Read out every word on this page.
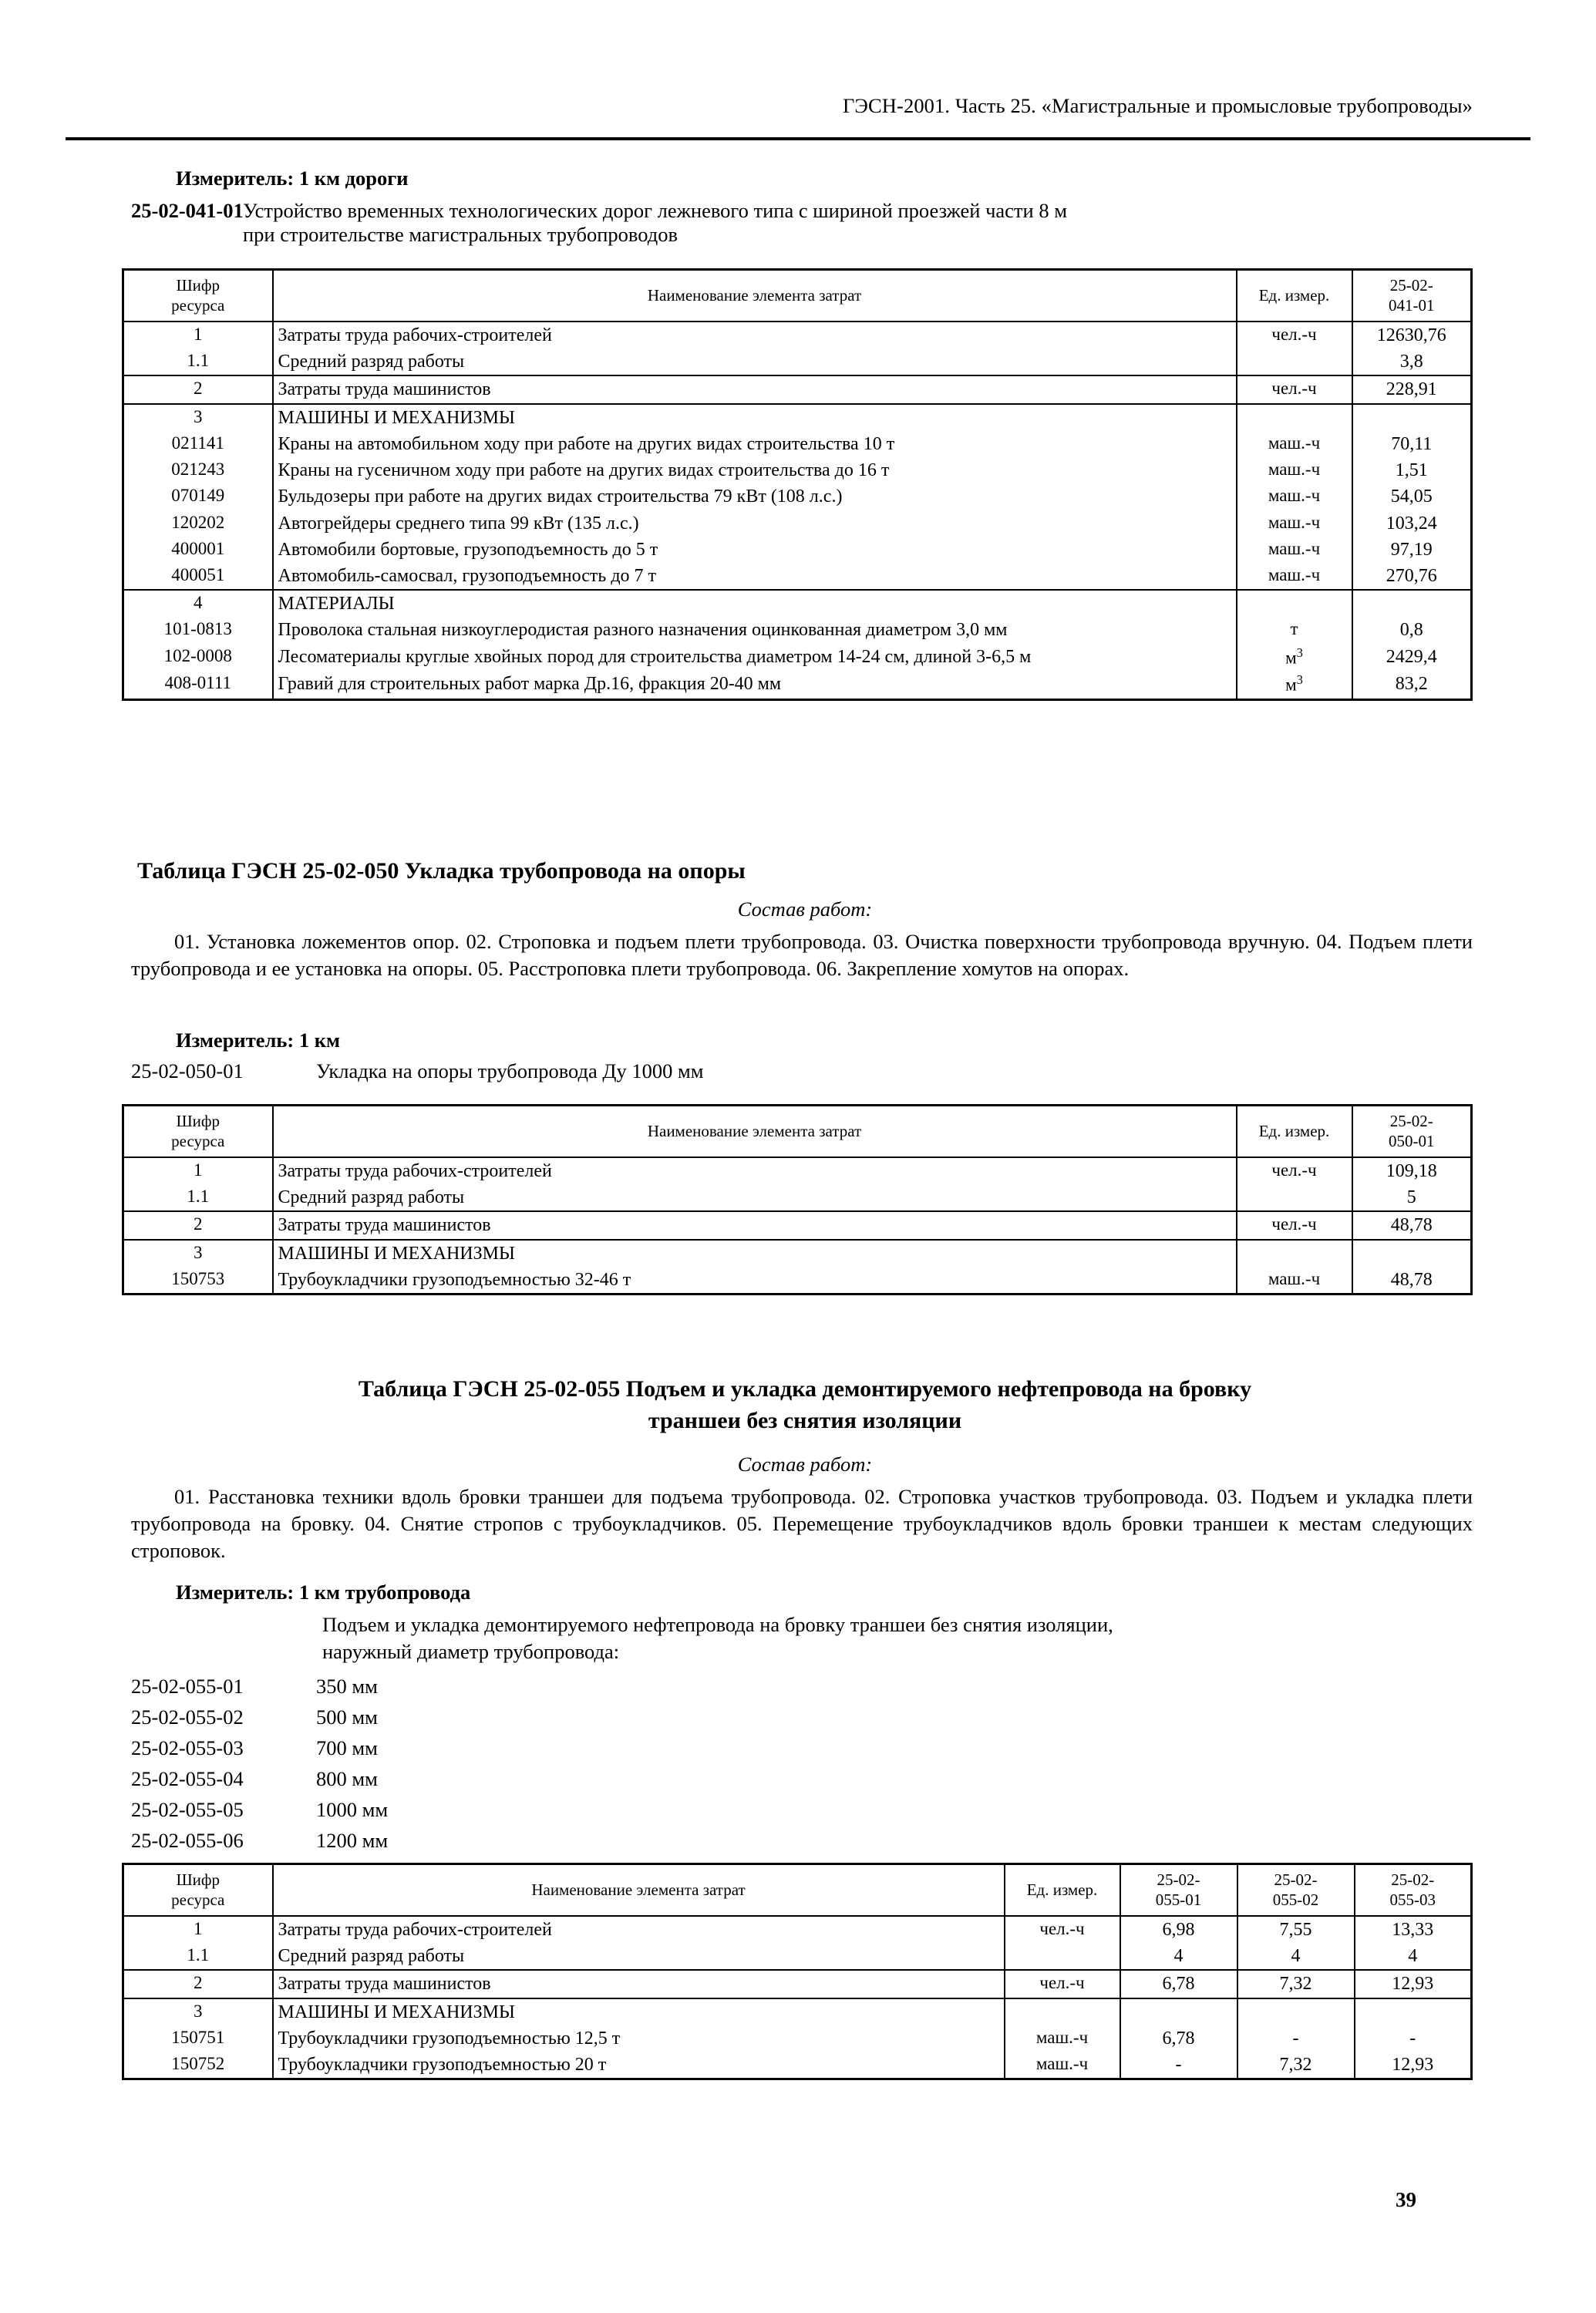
ГЭСН-2001. Часть 25. «Магистральные и промысловые трубопроводы»
Измеритель: 1 км дороги
25-02-041-01 Устройство временных технологических дорог лежневого типа с шириной проезжей части 8 м
при строительстве магистральных трубопроводов
Шифр
ресурса	Наименование элемента затрат	Ед. измер.	25-02-
041-01
1	Затраты труда рабочих-строителей	чел.-ч	12630,76
1.1	Средний разряд работы		3,8
2	Затраты труда машинистов	чел.-ч	228,91
3	МАШИНЫ И МЕХАНИЗМЫ		
021141	Краны на автомобильном ходу при работе на других видах строительства 10 т	маш.-ч	70,11
021243	Краны на гусеничном ходу при работе на других видах строительства до 16 т	маш.-ч	1,51
070149	Бульдозеры при работе на других видах строительства 79 кВт (108 л.с.)	маш.-ч	54,05
120202	Автогрейдеры среднего типа 99 кВт (135 л.с.)	маш.-ч	103,24
400001	Автомобили бортовые, грузоподъемность до 5 т	маш.-ч	97,19
400051	Автомобиль-самосвал, грузоподъемность до 7 т	маш.-ч	270,76
4	МАТЕРИАЛЫ		
101-0813	Проволока стальная низкоуглеродистая разного назначения оцинкованная диаметром 3,0 мм	т	0,8
102-0008	Лесоматериалы круглые хвойных пород для строительства диаметром 14-24 см, длиной 3-6,5 м	$м^3$	2429,4
408-0111	Гравий для строительных работ марка Др.16, фракция 20-40 мм	$м^3$	83,2
Таблица ГЭСН 25-02-050 Укладка трубопровода на опоры
Состав работ:
01. Установка ложементов опор. 02. Строповка и подъем плети трубопровода. 03. Очистка поверхности трубопровода вручную. 04. Подъем плети трубопровода и ее установка на опоры. 05. Расстроповка плети трубопровода. 06. Закрепление хомутов на опорах.
Измеритель: 1 км
25-02-050-01	Укладка на опоры трубопровода Ду 1000 мм
Шифр
ресурса	Наименование элемента затрат	Ед. измер.	25-02-
050-01
1	Затраты труда рабочих-строителей	чел.-ч	109,18
1.1	Средний разряд работы		5
2	Затраты труда машинистов	чел.-ч	48,78
3	МАШИНЫ И МЕХАНИЗМЫ		
150753	Трубоукладчики грузоподъемностью 32-46 т	маш.-ч	48,78
Таблица ГЭСН 25-02-055 Подъем и укладка демонтируемого нефтепровода на бровку
траншеи без снятия изоляции
Состав работ:
01. Расстановка техники вдоль бровки траншеи для подъема трубопровода. 02. Строповка участков трубопровода. 03. Подъем и укладка плети трубопровода на бровку. 04. Снятие стропов с трубоукладчиков. 05. Перемещение трубоукладчиков вдоль бровки траншеи к местам следующих строповок.
Измеритель: 1 км трубопровода
Подъем и укладка демонтируемого нефтепровода на бровку траншеи без снятия изоляции,
наружный диаметр трубопровода:
25-02-055-01	350 мм
25-02-055-02	500 мм
25-02-055-03	700 мм
25-02-055-04	800 мм
25-02-055-05	1000 мм
25-02-055-06	1200 мм
Шифр
ресурса	Наименование элемента затрат	Ед. измер.	25-02-
055-01	25-02-
055-02	25-02-
055-03
1	Затраты труда рабочих-строителей	чел.-ч	6,98	7,55	13,33
1.1	Средний разряд работы		4	4	4
2	Затраты труда машинистов	чел.-ч	6,78	7,32	12,93
3	МАШИНЫ И МЕХАНИЗМЫ				
150751	Трубоукладчики грузоподъемностью 12,5 т	маш.-ч	6,78	-	-
150752	Трубоукладчики грузоподъемностью 20 т	маш.-ч	-	7,32	12,93
39
